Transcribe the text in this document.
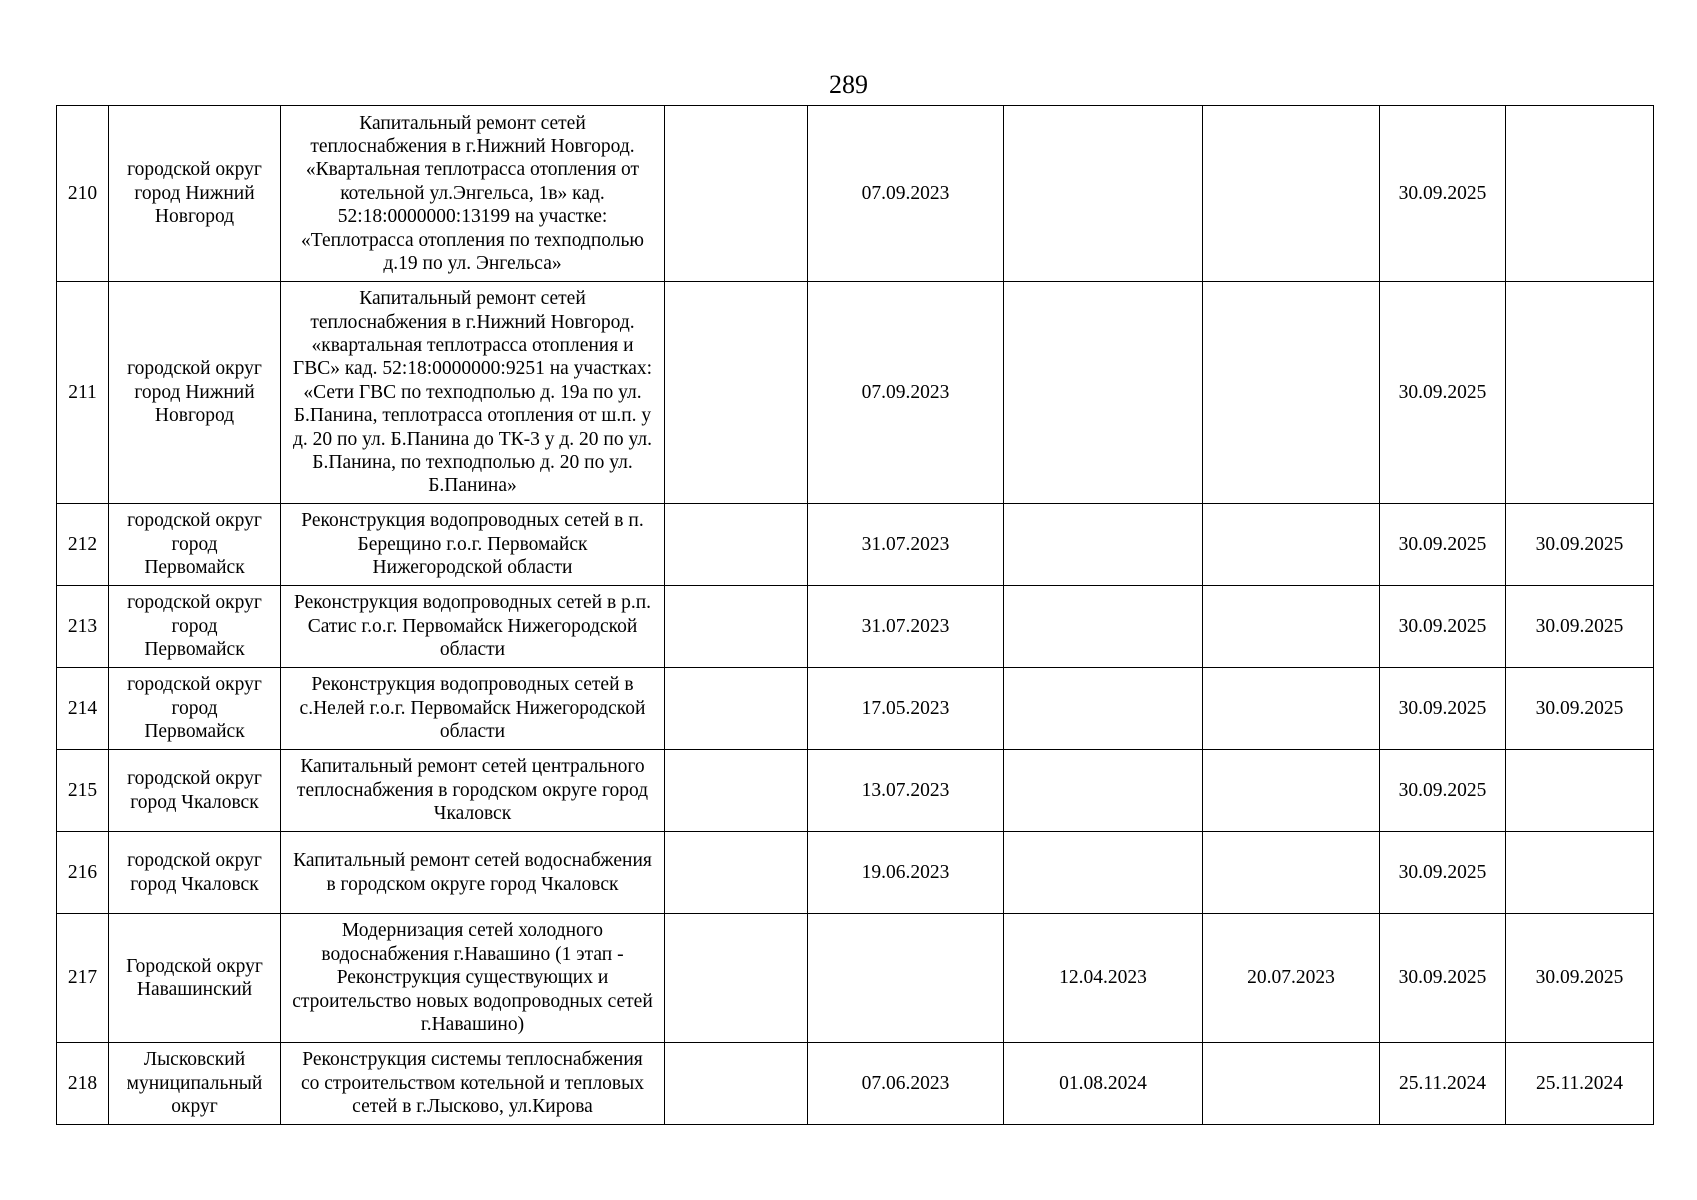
289
210	городской округ город Нижний Новгород	Капитальный ремонт сетей теплоснабжения в г.Нижний Новгород. «Квартальная теплотрасса отопления от котельной ул.Энгельса, 1в» кад. 52:18:0000000:13199 на участке: «Теплотрасса отопления по техподполью д.19 по ул. Энгельса»		07.09.2023			30.09.2025	
211	городской округ город Нижний Новгород	Капитальный ремонт сетей теплоснабжения в г.Нижний Новгород. «квартальная теплотрасса отопления и ГВС» кад. 52:18:0000000:9251 на участках: «Сети ГВС по техподполью д. 19а по ул. Б.Панина, теплотрасса отопления от ш.п. у д. 20 по ул. Б.Панина до ТК-3 у д. 20 по ул. Б.Панина, по техподполью д. 20 по ул. Б.Панина»		07.09.2023			30.09.2025	
212	городской округ город Первомайск	Реконструкция водопроводных сетей в п. Берещино г.о.г. Первомайск Нижегородской области		31.07.2023			30.09.2025	30.09.2025
213	городской округ город Первомайск	Реконструкция водопроводных сетей в р.п. Сатис г.о.г. Первомайск Нижегородской области		31.07.2023			30.09.2025	30.09.2025
214	городской округ город Первомайск	Реконструкция водопроводных сетей в с.Нелей г.о.г. Первомайск Нижегородской области		17.05.2023			30.09.2025	30.09.2025
215	городской округ город Чкаловск	Капитальный ремонт сетей центрального теплоснабжения в городском округе город Чкаловск		13.07.2023			30.09.2025	
216	городской округ город Чкаловск	Капитальный ремонт сетей водоснабжения в городском округе город Чкаловск		19.06.2023			30.09.2025	
217	Городской округ Навашинский	Модернизация сетей холодного водоснабжения г.Навашино (1 этап - Реконструкция существующих и строительство новых водопроводных сетей г.Навашино)			12.04.2023	20.07.2023	30.09.2025	30.09.2025
218	Лысковский муниципальный округ	Реконструкция системы теплоснабжения со строительством котельной и тепловых сетей в г.Лысково, ул.Кирова		07.06.2023	01.08.2024		25.11.2024	25.11.2024
